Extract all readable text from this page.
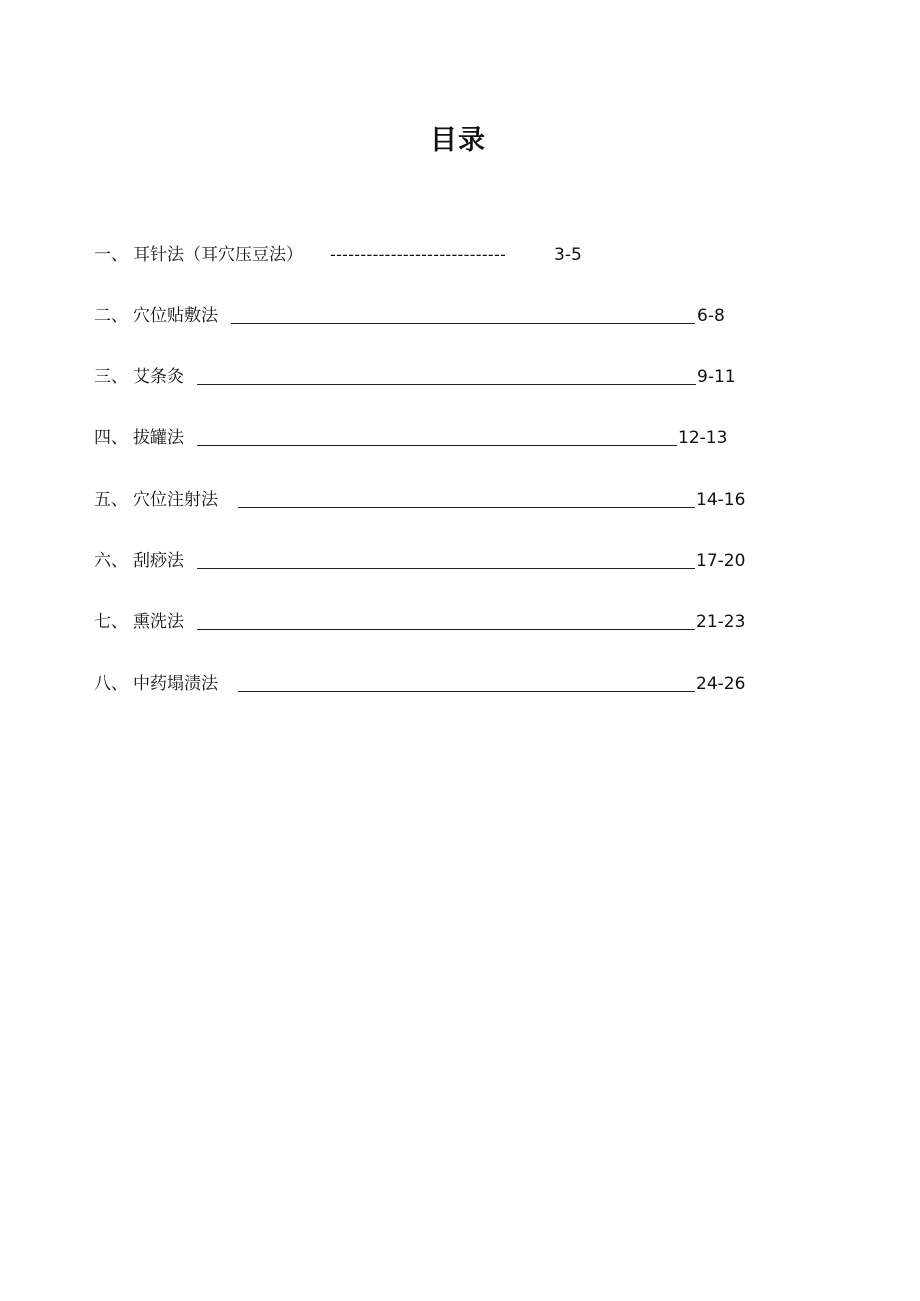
目录
一、 耳针法（耳穴压豆法） -----------------------------	3-5
二、 穴位贴敷法	6-8
三、 艾条灸	9-11
四、 拔罐法	12-13
五、 穴位注射法	14-16
六、 刮痧法	17-20
七、 熏洗法	21-23
八、 中药塌渍法	24-26
